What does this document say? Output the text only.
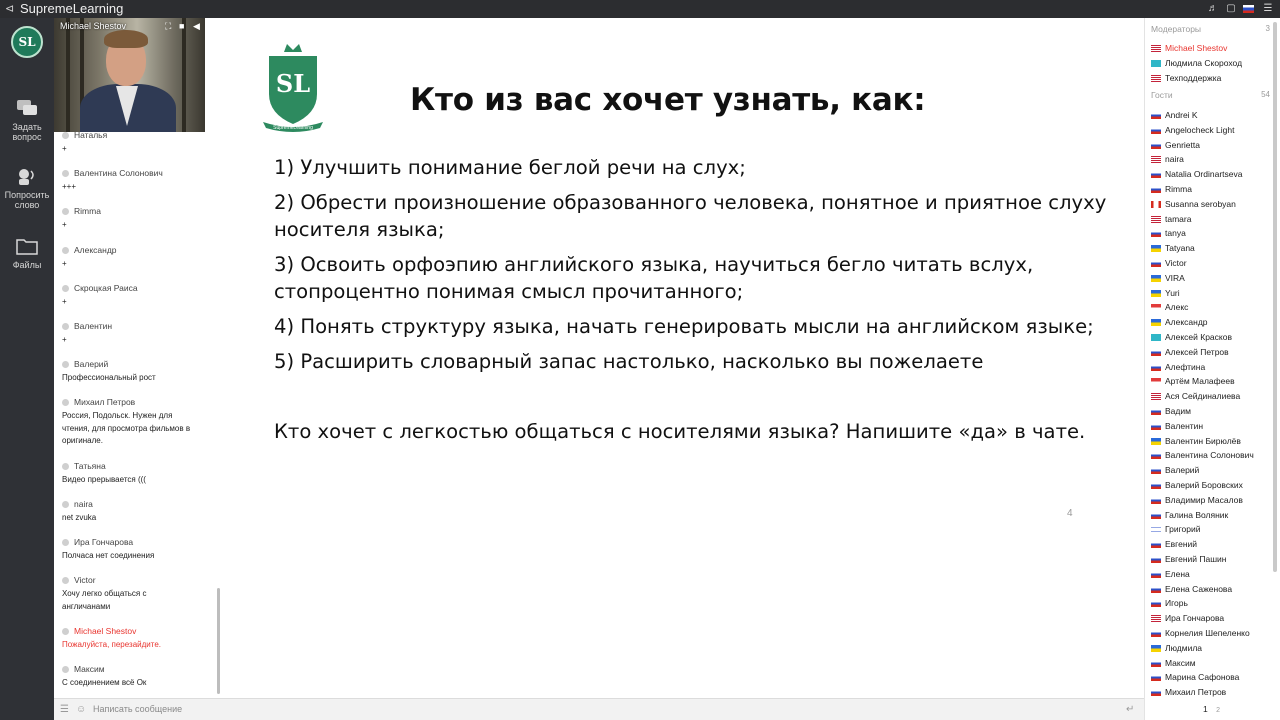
⊲ SupremeLearning	♬ ▢	☰
SL
Задать
вопрос
Попросить
слово
Файлы
Michael Shestov	⛶ ■ ◀
Наталья
+
Валентина Солонович
+++
Rimma
+
Александр
+
Скроцкая Раиса
+
Валентин
+
Валерий
Профессиональный рост
Михаил Петров
Россия, Подольск. Нужен для
чтения, для просмотра фильмов в
оригинале.
Татьяна
Видео прерывается (((
naira
net zvuka
Ира Гончарова
Полчаса нет соединения
Victor
Хочу легко общаться с
англичанами
Michael Shestov
Пожалуйста, перезайдите.
Максим
С соединением всё Ок
☰ ☺ Написать сообщение	↵
SL
SupremeLearning
Кто из вас хочет узнать, как:
1) Улучшить понимание беглой речи на слух;
2) Обрести произношение образованного человека, понятное и приятное слуху носителя языка;
3) Освоить орфоэпию английского языка, научиться бегло читать вслух, стопроцентно понимая смысл прочитанного;
4) Понять структуру языка, начать генерировать мысли на английском языке;
5) Расширить словарный запас настолько, насколько вы пожелаете
Кто хочет с легкостью общаться с носителями языка? Напишите «да» в чате.
4
Модераторы	3
Michael Shestov
Людмила Скороход
Техподдержка
Гости	54
Andrei K
Angelocheck Light
Genrietta
naira
Natalia Ordinartseva
Rimma
Susanna serobyan
tamara
tanya
Tatyana
Victor
VIRA
Yuri
Алекс
Александр
Алексей Красков
Алексей Петров
Алефтина
Артём Малафеев
Ася Сейдиналиева
Вадим
Валентин
Валентин Бирюлёв
Валентина Солонович
Валерий
Валерий Боровских
Владимир Масалов
Галина Воляник
Григорий
Евгений
Евгений Пашин
Елена
Елена Саженова
Игорь
Ира Гончарова
Корнелия Шепеленко
Людмила
Максим
Марина Сафонова
Михаил Петров
1 2
